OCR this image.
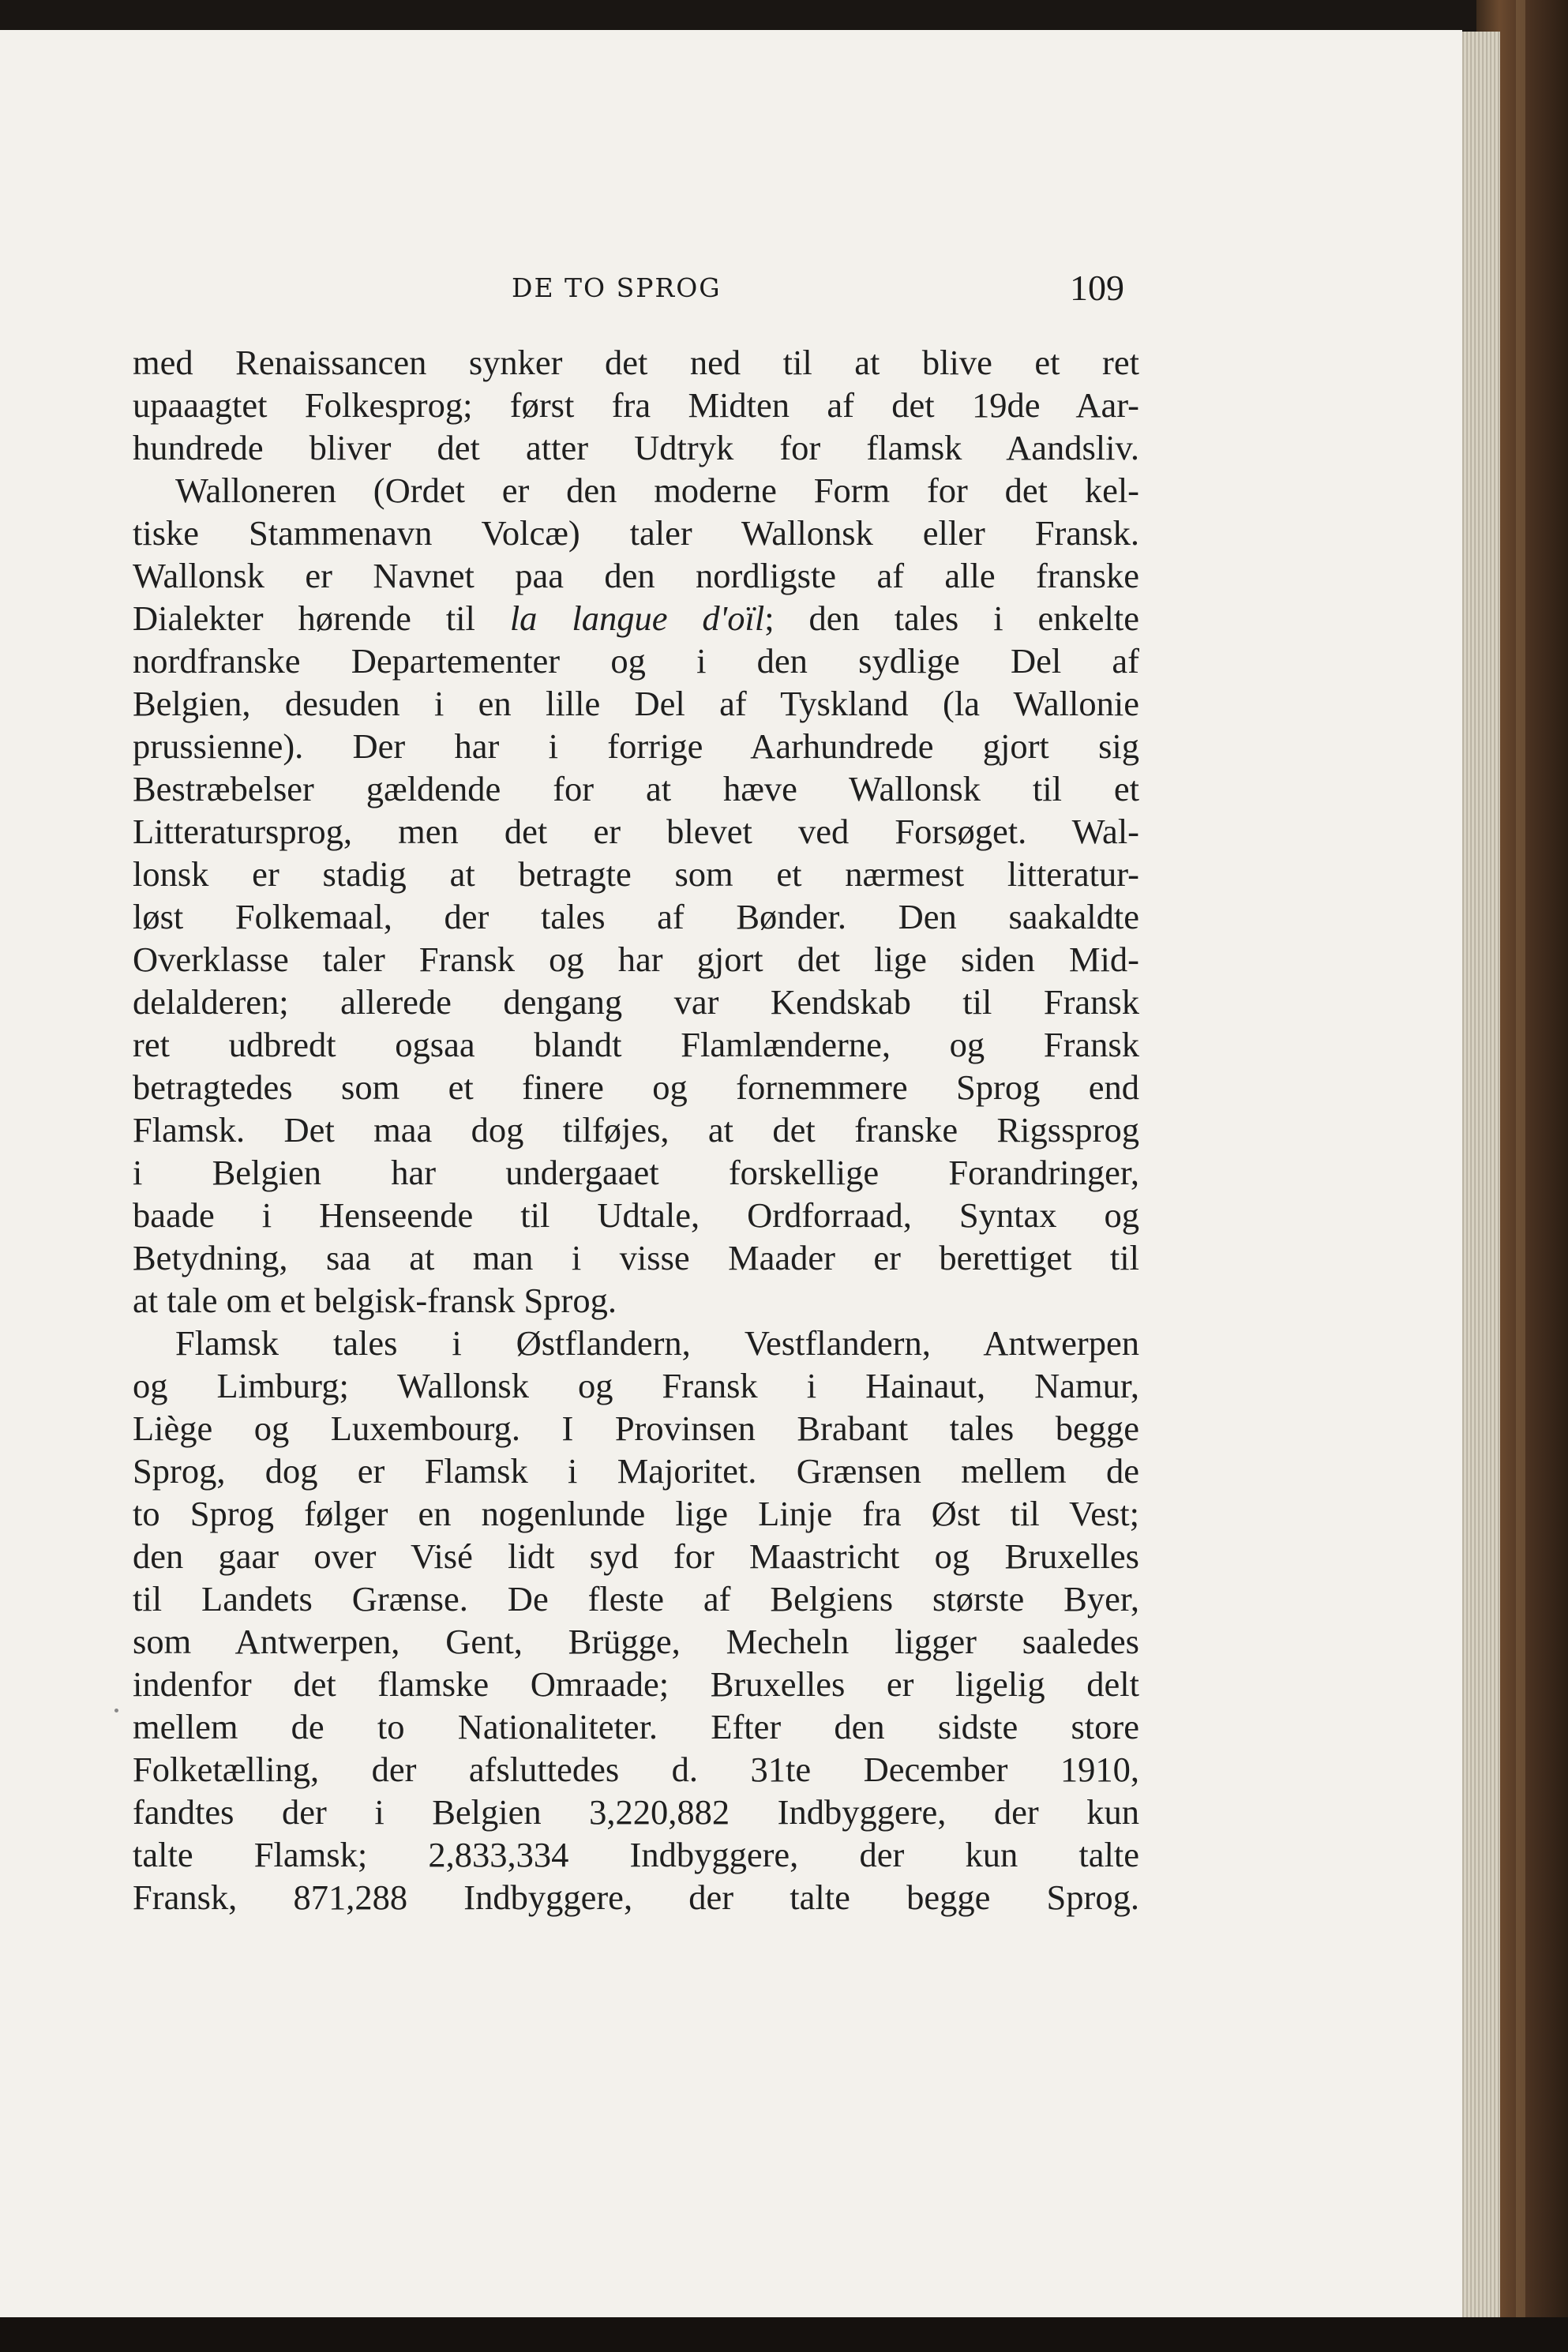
DE TO SPROG	109
med Renaissancen synker det ned til at blive et ret
upaaagtet Folkesprog; først fra Midten af det 19de Aar-
hundrede bliver det atter Udtryk for flamsk Aandsliv.
Walloneren (Ordet er den moderne Form for det kel-
tiske Stammenavn Volcæ) taler Wallonsk eller Fransk.
Wallonsk er Navnet paa den nordligste af alle franske
Dialekter hørende til la langue d'oïl; den tales i enkelte
nordfranske Departementer og i den sydlige Del af
Belgien, desuden i en lille Del af Tyskland (la Wallonie
prussienne). Der har i forrige Aarhundrede gjort sig
Bestræbelser gældende for at hæve Wallonsk til et
Litteratursprog, men det er blevet ved Forsøget. Wal-
lonsk er stadig at betragte som et nærmest litteratur-
løst Folkemaal, der tales af Bønder. Den saakaldte
Overklasse taler Fransk og har gjort det lige siden Mid-
delalderen; allerede dengang var Kendskab til Fransk
ret udbredt ogsaa blandt Flamlænderne, og Fransk
betragtedes som et finere og fornemmere Sprog end
Flamsk. Det maa dog tilføjes, at det franske Rigssprog
i Belgien har undergaaet forskellige Forandringer,
baade i Henseende til Udtale, Ordforraad, Syntax og
Betydning, saa at man i visse Maader er berettiget til
at tale om et belgisk-fransk Sprog.
Flamsk tales i Østflandern, Vestflandern, Antwerpen
og Limburg; Wallonsk og Fransk i Hainaut, Namur,
Liège og Luxembourg. I Provinsen Brabant tales begge
Sprog, dog er Flamsk i Majoritet. Grænsen mellem de
to Sprog følger en nogenlunde lige Linje fra Øst til Vest;
den gaar over Visé lidt syd for Maastricht og Bruxelles
til Landets Grænse. De fleste af Belgiens største Byer,
som Antwerpen, Gent, Brügge, Mecheln ligger saaledes
indenfor det flamske Omraade; Bruxelles er ligelig delt
mellem de to Nationaliteter. Efter den sidste store
Folketælling, der afsluttedes d. 31te December 1910,
fandtes der i Belgien 3,220,882 Indbyggere, der kun
talte Flamsk; 2,833,334 Indbyggere, der kun talte
Fransk, 871,288 Indbyggere, der talte begge Sprog.
